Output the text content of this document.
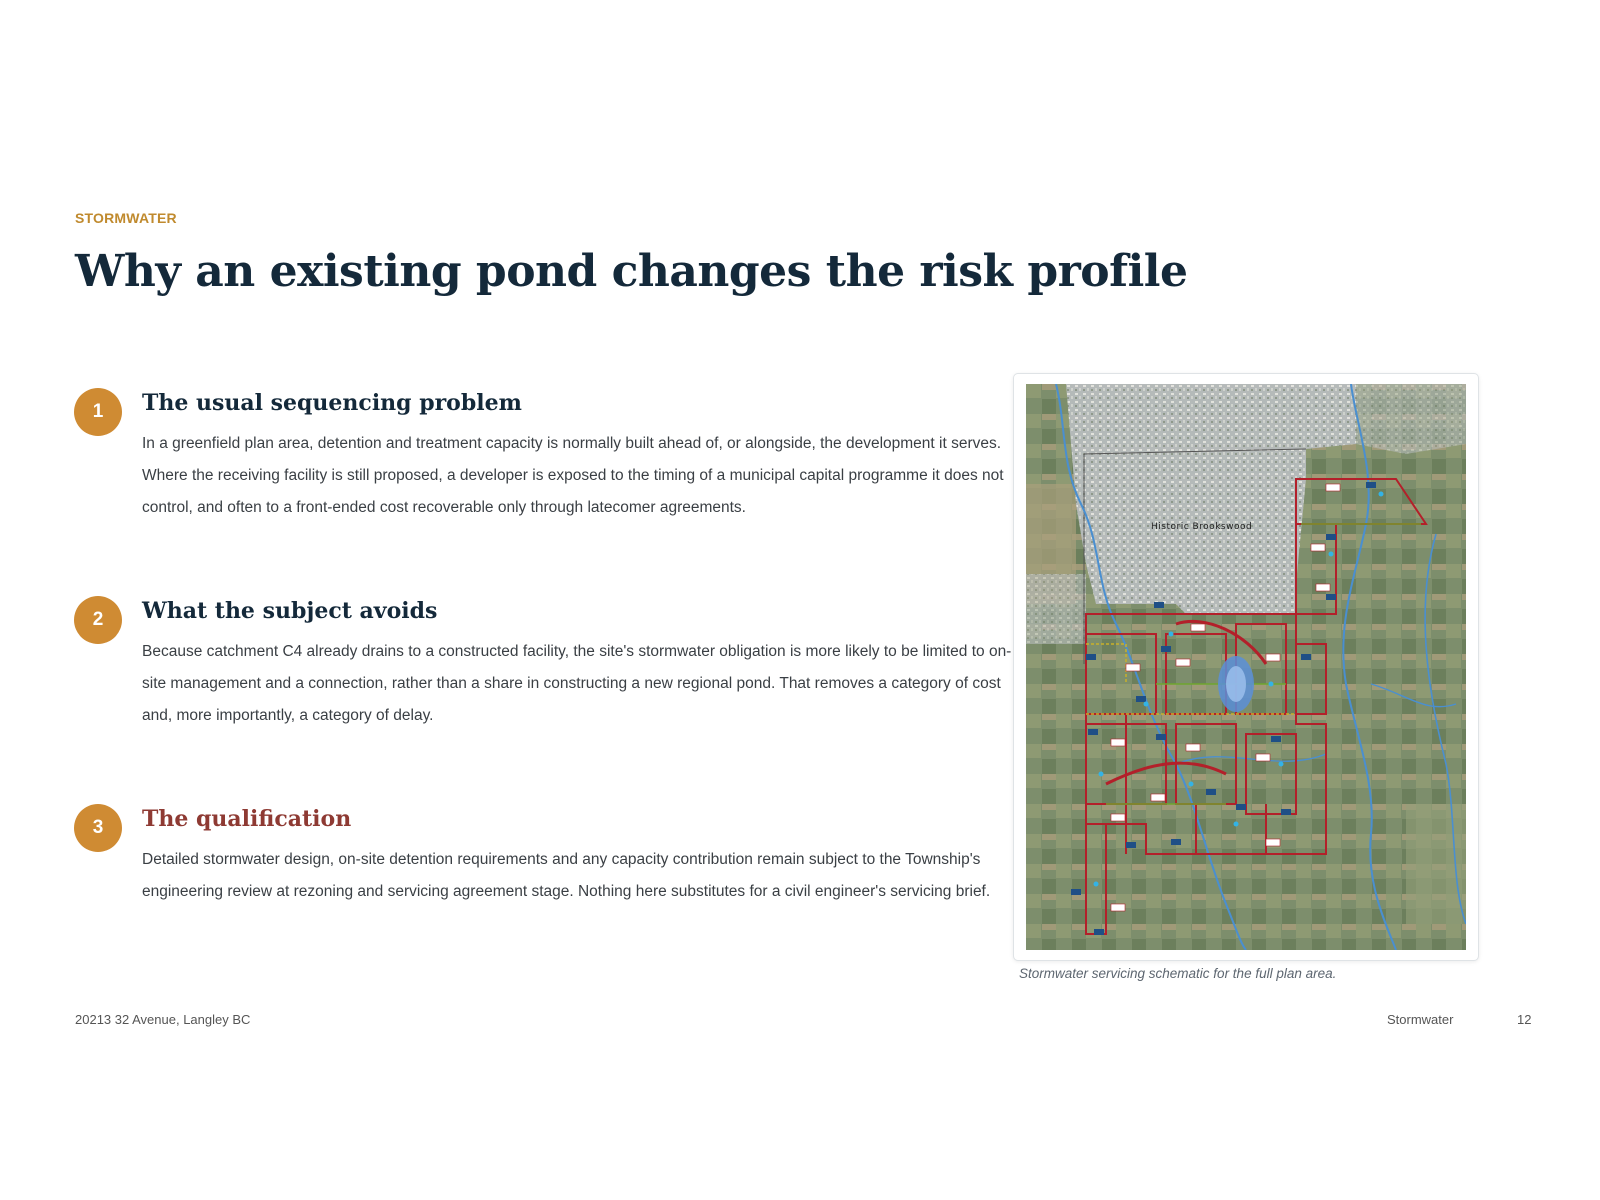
STORMWATER
Why an existing pond changes the risk profile
1	The usual sequencing problem
In a greenfield plan area, detention and treatment capacity is normally built ahead of, or alongside, the development it serves. Where the receiving facility is still proposed, a developer is exposed to the timing of a municipal capital programme it does not control, and often to a front-ended cost recoverable only through latecomer agreements.
2	What the subject avoids
Because catchment C4 already drains to a constructed facility, the site's stormwater obligation is more likely to be limited to on-site management and a connection, rather than a share in constructing a new regional pond. That removes a category of cost and, more importantly, a category of delay.
3	The qualification
Detailed stormwater design, on-site detention requirements and any capacity contribution remain subject to the Township's engineering review at rezoning and servicing agreement stage. Nothing here substitutes for a civil engineer's servicing brief.
Historic Brookswood
Stormwater servicing schematic for the full plan area.
20213 32 Avenue, Langley BC	Stormwater	12
